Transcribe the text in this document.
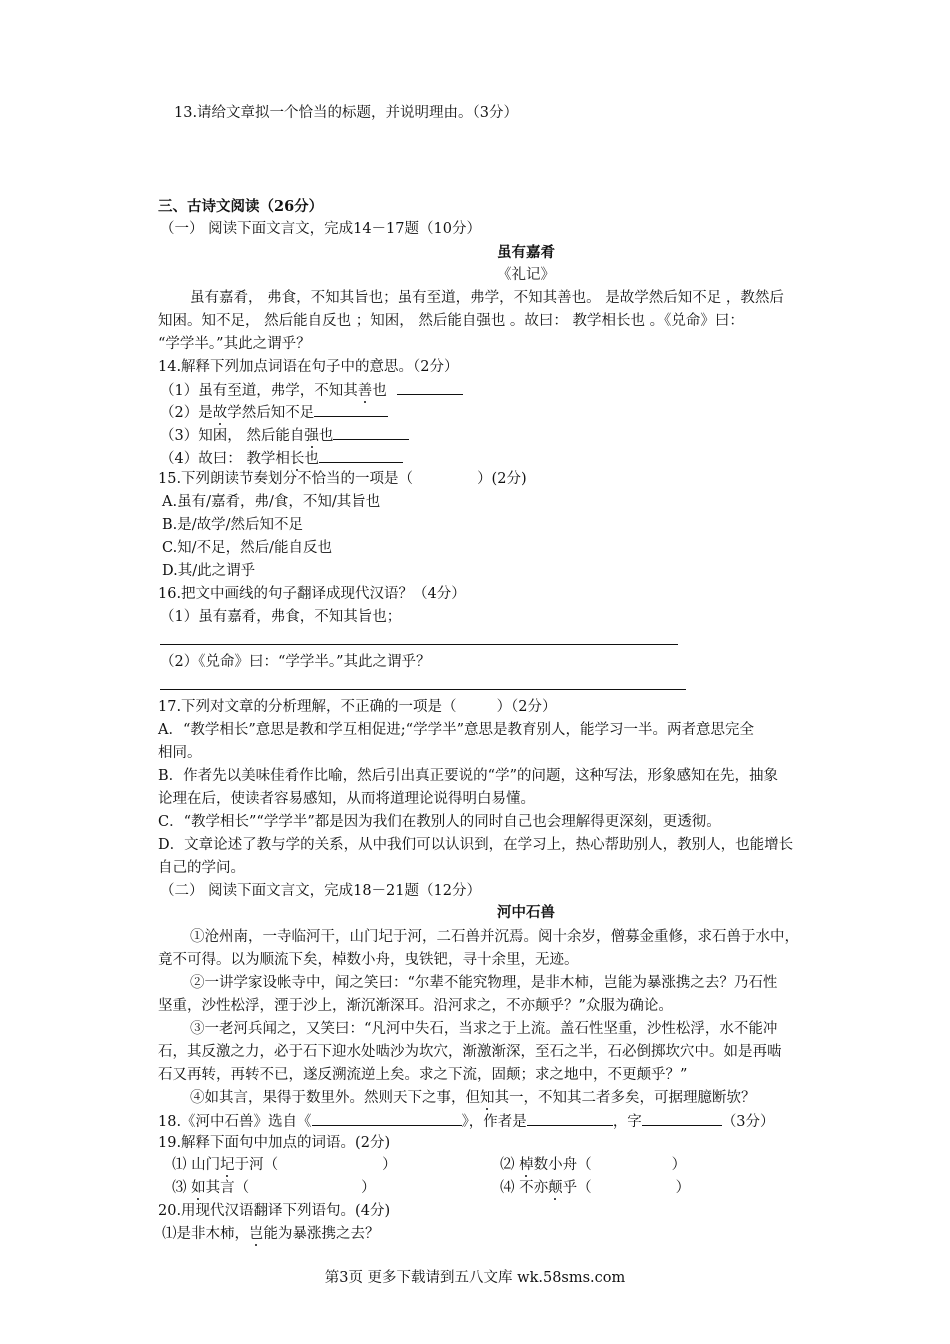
13.请给文章拟一个恰当的标题，并说明理由。（3分）
三、古诗文阅读（26分）
（一） 阅读下面文言文，完成14－17题（10分）
虽有嘉肴
《礼记》
虽有嘉肴， 弗食，不知其旨也；虽有至道，弗学，不知其善也。 是故学然后知不足 ，教然后
知困。知不足， 然后能自反也 ；知困， 然后能自强也 。故曰： 教学相长也 。《兑命》曰：
“学学半。”其此之谓乎？
14.解释下列加点词语在句子中的意思。（2分）
（1）虽有至道，弗学，不知其善也
（2）是故学然后知不足
（3）知困， 然后能自强也
（4）故曰： 教学相长也
15.下列朗读节奏划分不恰当的一项是（	）(2分)
A.虽有/嘉肴，弗/食，不知/其旨也
B.是/故学/然后知不足
C.知/不足，然后/能自反也
D.其/此之谓乎
16.把文中画线的句子翻译成现代汉语？（4分）
（1）虽有嘉肴，弗食，不知其旨也；
（2）《兑命》曰：“学学半。”其此之谓乎？
17.下列对文章的分析理解，不正确的一项是（	）（2分）
A．“教学相长”意思是教和学互相促进;“学学半”意思是教育别人，能学习一半。两者意思完全
相同。
B．作者先以美味佳肴作比喻，然后引出真正要说的“学”的问题，这种写法，形象感知在先，抽象
论理在后，使读者容易感知，从而将道理论说得明白易懂。
C．“教学相长”“学学半”都是因为我们在教别人的同时自己也会理解得更深刻，更透彻。
D．文章论述了教与学的关系，从中我们可以认识到，在学习上，热心帮助别人，教别人，也能增长
自己的学问。
（二） 阅读下面文言文，完成18－21题（12分）
河中石兽
①沧州南，一寺临河干，山门圮于河，二石兽并沉焉。阅十余岁，僧募金重修，求石兽于水中，
竟不可得。以为顺流下矣，棹数小舟，曳铁钯，寻十余里，无迹。
②一讲学家设帐寺中，闻之笑曰：“尔辈不能究物理，是非木柿，岂能为暴涨携之去？乃石性
坚重，沙性松浮，湮于沙上，渐沉渐深耳。沿河求之，不亦颠乎？”众服为确论。
③一老河兵闻之，又笑曰：“凡河中失石，当求之于上流。盖石性坚重，沙性松浮，水不能冲
石，其反激之力，必于石下迎水处啮沙为坎穴，渐激渐深，至石之半，石必倒掷坎穴中。如是再啮
石又再转，再转不已，遂反溯流逆上矣。求之下流，固颠；求之地中，不更颠乎？”
④如其言，果得于数里外。然则天下之事，但知其一，不知其二者多矣，可据理臆断欤？
18.《河中石兽》选自《	》，作者是	，字	（3分）
19.解释下面句中加点的词语。(2分)
⑴ 山门圮于河（	）	⑵ 棹数小舟（	）
⑶ 如其言（	）	⑷ 不亦颠乎（	）
20.用现代汉语翻译下列语句。(4分)
⑴是非木柿，岂能为暴涨携之去？
第3页 更多下载请到五八文库 wk.58sms.com
